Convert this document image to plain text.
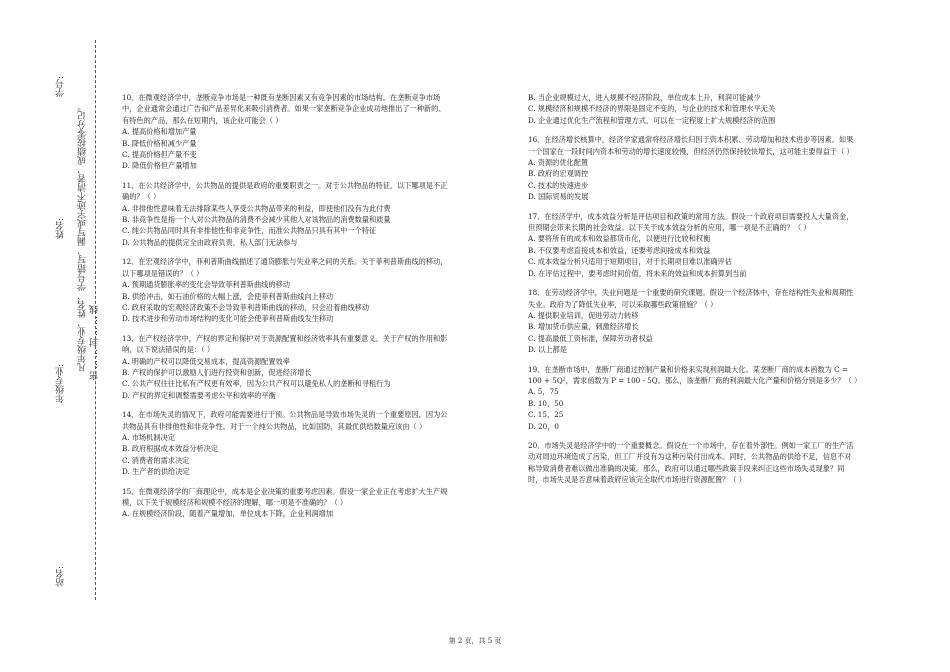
站名:
年级专业:
姓名:
学号:
凡年级专业、姓名、学号错写、漏写或字迹不清者，成绩按零分记。 密……封……线
10、在微观经济学中，垄断竞争市场是一种既有垄断因素又有竞争因素的市场结构。在垄断竞争市场中，企业通常会通过广告和产品差异化来吸引消费者。如果一家垄断竞争企业成功地推出了一种新的、有特色的产品，那么在短期内，该企业可能会（ ）
A. 提高价格和增加产量
B. 降低价格和减少产量
C. 提高价格但产量不变
D. 降低价格但产量增加
11、在公共经济学中，公共物品的提供是政府的重要职责之一。对于公共物品的特征，以下哪项是不正确的？（ ）
A. 非排他性意味着无法排除某些人享受公共物品带来的利益，即使他们没有为此付费
B. 非竞争性是指一个人对公共物品的消费不会减少其他人对该物品的消费数量和质量
C. 纯公共物品同时具有非排他性和非竞争性，而准公共物品只具有其中一个特征
D. 公共物品的提供完全由政府负责，私人部门无法参与
12、在宏观经济学中，菲利普斯曲线描述了通货膨胀与失业率之间的关系。关于菲利普斯曲线的移动，以下哪项是错误的？（ ）
A. 预期通货膨胀率的变化会导致菲利普斯曲线的移动
B. 供给冲击，如石油价格的大幅上涨，会使菲利普斯曲线向上移动
C. 政府采取的宏观经济政策不会导致菲利普斯曲线的移动，只会沿着曲线移动
D. 技术进步和劳动市场结构的变化可能会使菲利普斯曲线发生移动
13、在产权经济学中，产权的界定和保护对于资源配置和经济效率具有重要意义。关于产权的作用和影响，以下说法错误的是：（ ）
A. 明确的产权可以降低交易成本，提高资源配置效率
B. 产权的保护可以激励人们进行投资和创新，促进经济增长
C. 公共产权往往比私有产权更有效率，因为公共产权可以避免私人的垄断和寻租行为
D. 产权的界定和调整需要考虑公平和效率的平衡
14、在市场失灵的情况下，政府可能需要进行干预。公共物品是导致市场失灵的一个重要原因，因为公共物品具有非排他性和非竞争性。对于一个纯公共物品，比如国防，其最优供给数量应该由（ ）
A. 市场机制决定
B. 政府根据成本效益分析决定
C. 消费者的需求决定
D. 生产者的供给决定
15、在微观经济学的厂商理论中，成本是企业决策的重要考虑因素。假设一家企业正在考虑扩大生产规模，以下关于规模经济和规模不经济的理解，哪一项是不准确的？（ ）
A. 在规模经济阶段，随着产量增加，单位成本下降，企业利润增加
B. 当企业规模过大，进入规模不经济阶段，单位成本上升，利润可能减少
C. 规模经济和规模不经济的界限是固定不变的，与企业的技术和管理水平无关
D. 企业通过优化生产流程和管理方式，可以在一定程度上扩大规模经济的范围
16、在经济增长核算中，经济学家通常将经济增长归因于资本积累、劳动增加和技术进步等因素。如果一个国家在一段时间内资本和劳动的增长速度较慢，但经济仍然保持较快增长，这可能主要得益于（ ）
A. 资源的优化配置
B. 政府的宏观调控
C. 技术的快速进步
D. 国际贸易的发展
17、在经济学中，成本效益分析是评估项目和政策的常用方法。假设一个政府项目需要投入大量资金，但预期会带来长期的社会效益。以下关于成本效益分析的应用，哪一项是不正确的？（ ）
A. 要将所有的成本和效益都货币化，以便进行比较和权衡
B. 不仅要考虑直接成本和效益，还要考虑间接成本和效益
C. 成本效益分析只适用于短期项目，对于长期项目难以准确评估
D. 在评估过程中，要考虑时间价值，将未来的效益和成本折算到当前
18、在劳动经济学中，失业问题是一个重要的研究课题。假设一个经济体中，存在结构性失业和周期性失业。政府为了降低失业率，可以采取哪些政策措施？（ ）
A. 提供职业培训，促进劳动力转移
B. 增加货币供应量，刺激经济增长
C. 提高最低工资标准，保障劳动者权益
D. 以上都是
19、在垄断市场中，垄断厂商通过控制产量和价格来实现利润最大化。某垄断厂商的成本函数为 C = 100 + 5Q²，需求函数为 P = 100 - 5Q。那么，该垄断厂商的利润最大化产量和价格分别是多少？（ ）
A. 5，75
B. 10，50
C. 15，25
D. 20，0
20、市场失灵是经济学中的一个重要概念。假设在一个市场中，存在着外部性。例如一家工厂的生产活动对周边环境造成了污染，但工厂并没有为这种污染付出成本。同时，公共物品的供给不足，信息不对称导致消费者难以做出准确的决策。那么，政府可以通过哪些政策手段来纠正这些市场失灵现象？同时，市场失灵是否意味着政府应该完全取代市场进行资源配置？（ ）
第 2 页，共 5 页
